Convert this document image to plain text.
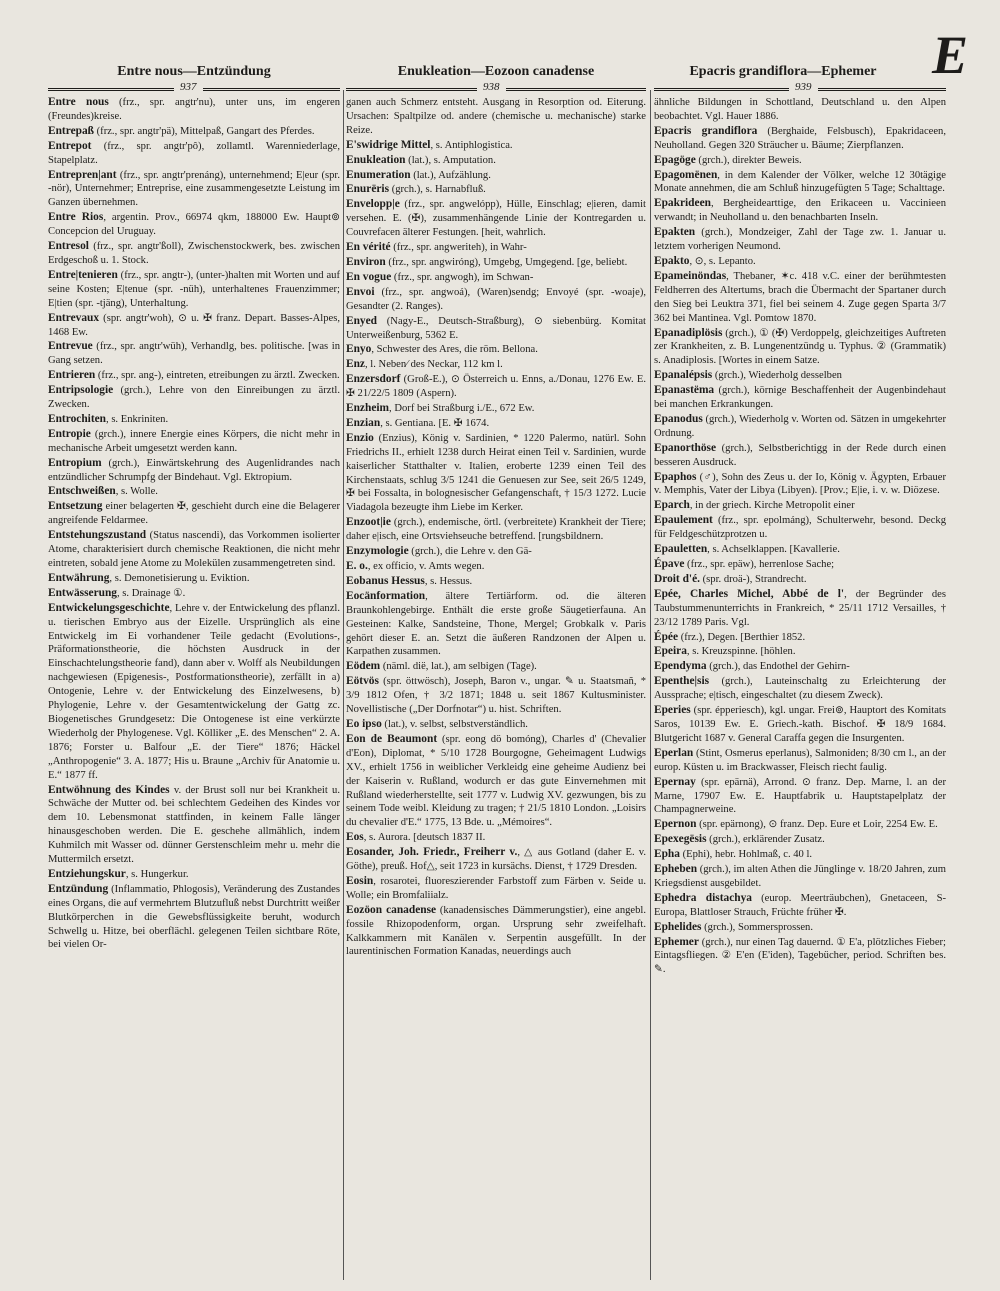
E
Entre nous—Entzündung	Enukleation—Eozoon canadense	Epacris grandiflora—Ephemer
937	938	939

Entre nous (frz., spr. angtr'nu), unter uns, im engeren (Freundes)kreise.

Entrepaß (frz., spr. angtr'pä), Mittelpaß, Gangart des Pferdes.

Entrepot (frz., spr. angtr'pô), zollamtl. Warenniederlage, Stapelplatz.

Entrepren|ant (frz., spr. angtr'prenáng), unternehmend; E|eur (spr. -nör), Unternehmer; Entreprise, eine zusammengesetzte Leistung im Ganzen übernehmen.

Entre Rios, argentin. Prov., 66974 qkm, 188000 Ew. Haupt⊚ Concepcion del Uruguay.

Entresol (frz., spr. angtr'ßoll), Zwischenstockwerk, bes. zwischen Erdgeschoß u. 1. Stock.

Entre|tenieren (frz., spr. angtr-), (unter-)halten mit Worten und auf seine Kosten; E|tenue (spr. -nüh), unterhaltenes Frauenzimmer; E|tien (spr. -tjäng), Unterhaltung.

Entrevaux (spr. angtr'woh), ⊙ u. ✠ franz. Depart. Basses-Alpes, 1468 Ew.

Entrevue (frz., spr. angtr'wüh), Verhandlg, bes. politische. [was in Gang setzen.

Entrieren (frz., spr. ang-), eintreten, etreibungen zu ärztl. Zwecken.

Entripsologie (grch.), Lehre von den Einreibungen zu ärztl. Zwecken.

Entrochiten, s. Enkriniten.

Entropie (grch.), innere Energie eines Körpers, die nicht mehr in mechanische Arbeit umgesetzt werden kann.

Entropium (grch.), Einwärtskehrung des Augenlidrandes nach entzündlicher Schrumpfg der Bindehaut. Vgl. Ektropium.

Entschweißen, s. Wolle.

Entsetzung einer belagerten ✠, geschieht durch eine die Belagerer angreifende Feldarmee.

Entstehungszustand (Status nascendi), das Vorkommen isolierter Atome, charakterisiert durch chemische Reaktionen, die nicht mehr eintreten, sobald jene Atome zu Molekülen zusammengetreten sind.

Entwährung, s. Demonetisierung u. Eviktion.

Entwässerung, s. Drainage ①.

Entwickelungsgeschichte, Lehre v. der Entwickelung des pflanzl. u. tierischen Embryo aus der Eizelle. Ursprünglich als eine Entwickelg im Ei vorhandener Teile gedacht (Evolutions-, Präformationstheorie, die höchsten Ausdruck in der Einschachtelungstheorie fand), dann aber v. Wolff als Neubildungen nachgewiesen (Epigenesis-, Postformationstheorie), zerfällt in a) Ontogenie, Lehre v. der Entwickelung des Einzelwesens, b) Phylogenie, Lehre v. der Gesamtentwickelung der Gattg zc. Biogenetisches Grundgesetz: Die Ontogenese ist eine verkürzte Wiederholg der Phylogenese. Vgl. Kölliker „E. des Menschen“ 2. A. 1876; Forster u. Balfour „E. der Tiere“ 1876; Häckel „Anthropogenie“ 3. A. 1877; His u. Braune „Archiv für Anatomie u. E.“ 1877 ff.

Entwöhnung des Kindes v. der Brust soll nur bei Krankheit u. Schwäche der Mutter od. bei schlechtem Gedeihen des Kindes vor dem 10. Lebensmonat stattfinden, in keinem Falle länger hinausgeschoben werden. Die E. geschehe allmählich, indem Kuhmilch mit Wasser od. dünner Gerstenschleim mehr u. mehr die Muttermilch ersetzt.

Entziehungskur, s. Hungerkur.

Entzündung (Inflammatio, Phlogosis), Veränderung des Zustandes eines Organs, die auf vermehrtem Blutzufluß nebst Durchtritt weißer Blutkörperchen in die Gewebsflüssigkeite beruht, wodurch Schwellg u. Hitze, bei oberflächl. gelegenen Teilen sichtbare Röte, bei vielen Or-

ganen auch Schmerz entsteht. Ausgang in Resorption od. Eiterung. Ursachen: Spaltpilze od. andere (chemische u. mechanische) starke Reize.

E'swidrige Mittel, s. Antiphlogistica.

Enukleation (lat.), s. Amputation.

Enumeration (lat.), Aufzählung.

Enurëris (grch.), s. Harnabfluß.

Envelopp|e (frz., spr. angwelópp), Hülle, Einschlag; e|ieren, damit versehen. E. (✠), zusammenhängende Linie der Kontregarden u. Couvrefacen älterer Festungen. [heit, wahrlich.

En vérité (frz., spr. angweriteh), in Wahr-

Environ (frz., spr. angwiróng), Umgebg, Umgegend. [ge, beliebt.

En vogue (frz., spr. angwogh), im Schwan-

Envoi (frz., spr. angwoá), (Waren)sendg; Envoyé (spr. -woaje), Gesandter (2. Ranges).

Enyed (Nagy-E., Deutsch-Straßburg), ⊙ siebenbürg. Komitat Unterweißenburg, 5362 E.

Enyo, Schwester des Ares, die röm. Bellona.

Enz, l. Neben⁄ des Neckar, 112 km l.

Enzersdorf (Groß-E.), ⊙ Österreich u. Enns, a./Donau, 1276 Ew. E. ✠ 21/22/5 1809 (Aspern).

Enzheim, Dorf bei Straßburg i./E., 672 Ew.

Enzian, s. Gentiana. [E. ✠ 1674.

Enzio (Enzius), König v. Sardinien, * 1220 Palermo, natürl. Sohn Friedrichs II., erhielt 1238 durch Heirat einen Teil v. Sardinien, wurde kaiserlicher Statthalter v. Italien, eroberte 1239 einen Teil des Kirchenstaats, schlug 3/5 1241 die Genuesen zur See, seit 26/5 1249, ✠ bei Fossalta, in bolognesischer Gefangenschaft, † 15/3 1272. Lucie Viadagola bezeugte ihm Liebe im Kerker.

Enzoot|ie (grch.), endemische, örtl. (verbreitete) Krankheit der Tiere; daher e|isch, eine Ortsviehseuche betreffend. [rungsbildnern.

Enzymologie (grch.), die Lehre v. den Gä-

E. o., ex officio, v. Amts wegen.

Eobanus Hessus, s. Hessus.

Eocänformation, ältere Tertiärform. od. die älteren Braunkohlengebirge. Enthält die erste große Säugetierfauna. An Gesteinen: Kalke, Sandsteine, Thone, Mergel; Grobkalk v. Paris gehört dieser E. an. Setzt die äußeren Randzonen der Alpen u. Karpathen zusammen.

Eödem (näml. dië, lat.), am selbigen (Tage).

Eötvös (spr. öttwösch), Joseph, Baron v., ungar. ✎ u. Staatsmañ, * 3/9 1812 Ofen, † 3/2 1871; 1848 u. seit 1867 Kultusminister. Novellistische („Der Dorfnotar“) u. hist. Schriften.

Eo ipso (lat.), v. selbst, selbstverständlich.

Eon de Beaumont (spr. eong dö bomóng), Charles d' (Chevalier d'Eon), Diplomat, * 5/10 1728 Bourgogne, Geheimagent Ludwigs XV., erhielt 1756 in weiblicher Verkleidg eine geheime Audienz bei der Kaiserin v. Rußland, wodurch er das gute Einvernehmen mit Rußland wiederherstellte, seit 1777 v. Ludwig XV. gezwungen, bis zu seinem Tode weibl. Kleidung zu tragen; † 21/5 1810 London. „Loisirs du chevalier d'E.“ 1775, 13 Bde. u. „Mémoires“.

Eos, s. Aurora. [deutsch 1837 II.

Eosander, Joh. Friedr., Freiherr v., △ aus Gotland (daher E. v. Göthe), preuß. Hof△, seit 1723 in kursächs. Dienst, † 1729 Dresden.

Eosin, rosarotei, fluoreszierender Farbstoff zum Färben v. Seide u. Wolle; ein Bromfaliialz.

Eozöon canadense (kanadensisches Dämmerungstier), eine angebl. fossile Rhizopodenform, organ. Ursprung sehr zweifelhaft. Kalkkammern mit Kanälen v. Serpentin ausgefüllt. In der laurentinischen Formation Kanadas, neuerdings auch

ähnliche Bildungen in Schottland, Deutschland u. den Alpen beobachtet. Vgl. Hauer 1886.

Epacris grandiflora (Berghaide, Felsbusch), Epakridaceen, Neuholland. Gegen 320 Sträucher u. Bäume; Zierpflanzen.

Epagöge (grch.), direkter Beweis.

Epagomënen, in dem Kalender der Völker, welche 12 30tägige Monate annehmen, die am Schluß hinzugefügten 5 Tage; Schalttage.

Epakrideen, Bergheidearttige, den Erikaceen u. Vaccinieen verwandt; in Neuholland u. den benachbarten Inseln.

Epakten (grch.), Mondzeiger, Zahl der Tage zw. 1. Januar u. letztem vorherigen Neumond.

Epakto, ⊙, s. Lepanto.

Epameinöndas, Thebaner, ✶c. 418 v.C. einer der berühmtesten Feldherren des Altertums, brach die Übermacht der Spartaner durch den Sieg bei Leuktra 371, fiel bei seinem 4. Zuge gegen Sparta 3/7 362 bei Mantinea. Vgl. Pomtow 1870.

Epanadiplösis (grch.), ① (✠) Verdoppelg, gleichzeitiges Auftreten zer Krankheiten, z. B. Lungenentzündg u. Typhus. ② (Grammatik) s. Anadiplosis. [Wortes in einem Satze.

Epanalépsis (grch.), Wiederholg desselben

Epanastëma (grch.), körnige Beschaffenheit der Augenbindehaut bei manchen Erkrankungen.

Epanodus (grch.), Wiederholg v. Worten od. Sätzen in umgekehrter Ordnung.

Epanorthöse (grch.), Selbstberichtigg in der Rede durch einen besseren Ausdruck.

Epaphos (♂), Sohn des Zeus u. der Io, König v. Ägypten, Erbauer v. Memphis, Vater der Libya (Libyen). [Prov.; E|ie, i. v. w. Diözese.

Eparch, in der griech. Kirche Metropolit einer

Epaulement (frz., spr. epolmáng), Schulterwehr, besond. Deckg für Feldgeschützprotzen u.

Epauletten, s. Achselklappen. [Kavallerie.

Épave (frz., spr. epäw), herrenlose Sache;

Droit d'é. (spr. droä-), Strandrecht.

Epée, Charles Michel, Abbé de l', der Begründer des Taubstummenunterrichts in Frankreich, * 25/11 1712 Versailles, † 23/12 1789 Paris. Vgl.

Épée (frz.), Degen. [Berthier 1852.

Epeira, s. Kreuzspinne. [höhlen.

Ependyma (grch.), das Endothel der Gehirn-

Epenthe|sis (grch.), Lauteinschaltg zu Erleichterung der Aussprache; e|tisch, eingeschaltet (zu diesem Zweck).

Eperies (spr. épperiesch), kgl. ungar. Frei⊚, Hauptort des Komitats Saros, 10139 Ew. E. Griech.-kath. Bischof. ✠ 18/9 1684. Blutgericht 1687 v. General Caraffa gegen die Insurgenten.

Eperlan (Stint, Osmerus eperlanus), Salmoniden; 8/30 cm l., an der europ. Küsten u. im Brackwasser, Fleisch riecht faulig.

Epernay (spr. epärnä), Arrond. ⊙ franz. Dep. Marne, l. an der Marne, 17907 Ew. E. Hauptfabrik u. Hauptstapelplatz der Champagnerweine.

Epernon (spr. epärnong), ⊙ franz. Dep. Eure et Loir, 2254 Ew. E.

Epexegësis (grch.), erklärender Zusatz.

Epha (Ephi), hebr. Hohlmaß, c. 40 l.

Epheben (grch.), im alten Athen die Jünglinge v. 18/20 Jahren, zum Kriegsdienst ausgebildet.

Ephedra distachya (europ. Meerträubchen), Gnetaceen, S-Europa, Blattloser Strauch, Früchte früher ✠.

Ephelides (grch.), Sommersprossen.

Ephemer (grch.), nur einen Tag dauernd. ① E'a, plötzliches Fieber; Eintagsfliegen. ② E'en (E'iden), Tagebücher, period. Schriften bes. ✎.
